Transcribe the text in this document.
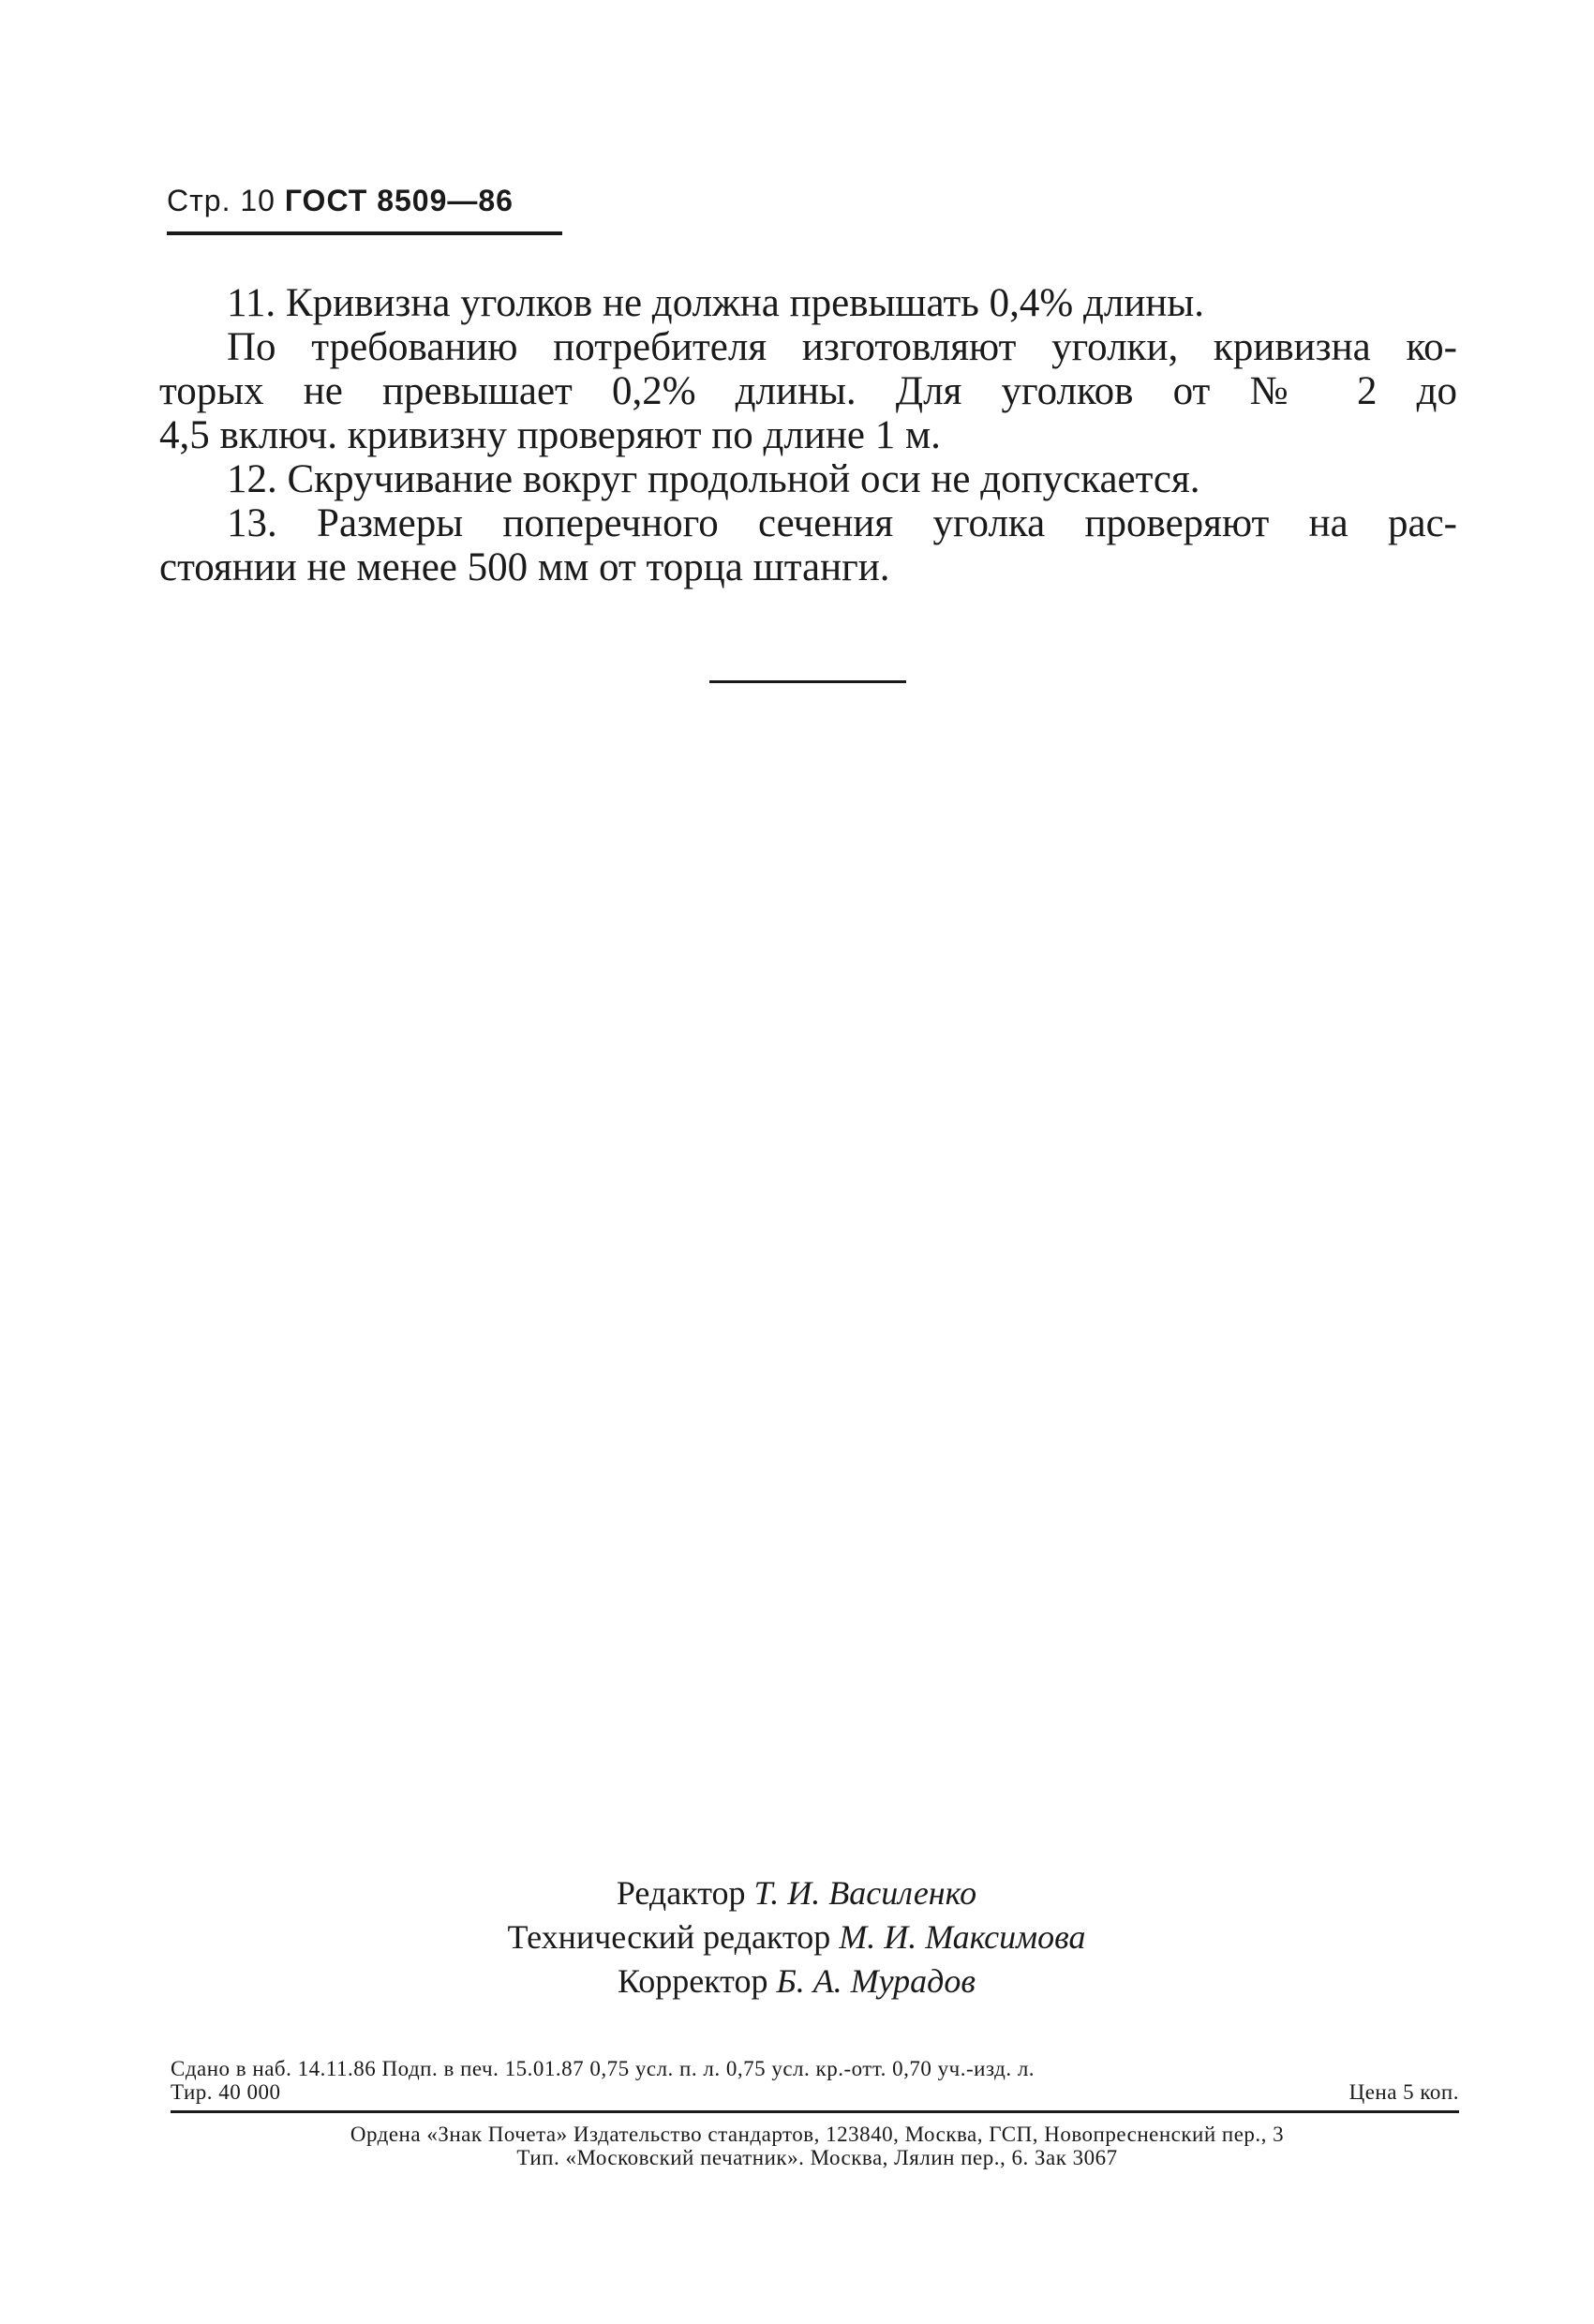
Стр. 10 ГОСТ 8509—86
11. Кривизна уголков не должна превышать 0,4% длины.
По требованию потребителя изготовляют уголки, кривизна ко-
торых не превышает 0,2% длины. Для уголков от № 2 до
4,5 включ. кривизну проверяют по длине 1 м.
12. Скручивание вокруг продольной оси не допускается.
13. Размеры поперечного сечения уголка проверяют на рас-
стоянии не менее 500 мм от торца штанги.
Редактор Т. И. Василенко
Технический редактор М. И. Максимова
Корректор Б. А. Мурадов
Сдано в наб. 14.11.86 Подп. в печ. 15.01.87 0,75 усл. п. л. 0,75 усл. кр.-отт. 0,70 уч.-изд. л.
Тир. 40 000	Цена 5 коп.
Ордена «Знак Почета» Издательство стандартов, 123840, Москва, ГСП, Новопресненский пер., 3
Тип. «Московский печатник». Москва, Лялин пер., 6. Зак 3067
